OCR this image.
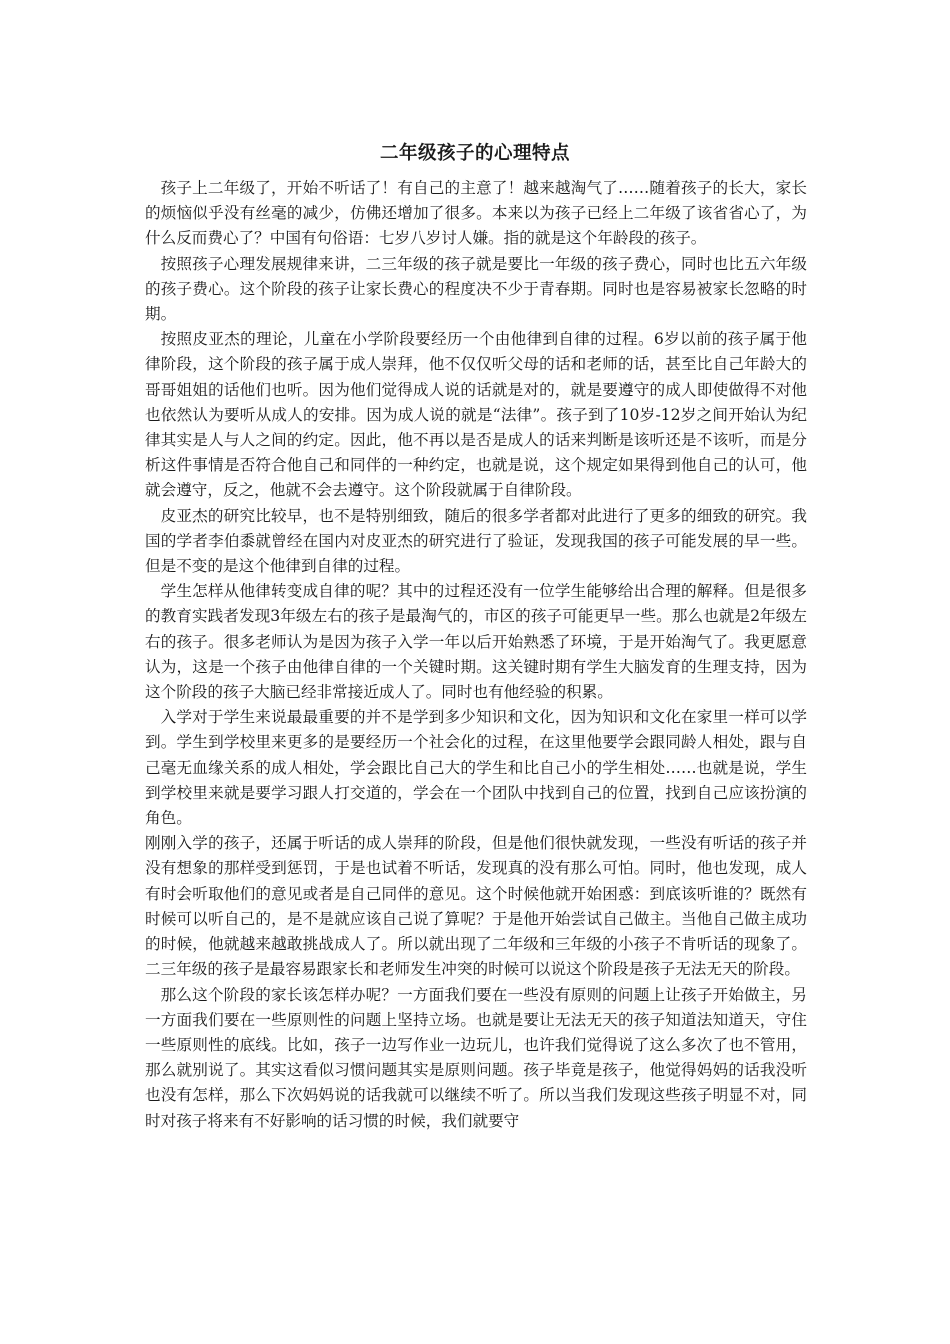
二年级孩子的心理特点

孩子上二年级了，开始不听话了！有自己的主意了！越来越淘气了……随着孩子的长大，家长的烦恼似乎没有丝毫的减少，仿佛还增加了很多。本来以为孩子已经上二年级了该省省心了，为什么反而费心了？中国有句俗语：七岁八岁讨人嫌。指的就是这个年龄段的孩子。

按照孩子心理发展规律来讲，二三年级的孩子就是要比一年级的孩子费心，同时也比五六年级的孩子费心。这个阶段的孩子让家长费心的程度决不少于青春期。同时也是容易被家长忽略的时期。

按照皮亚杰的理论，儿童在小学阶段要经历一个由他律到自律的过程。6岁以前的孩子属于他律阶段，这个阶段的孩子属于成人崇拜，他不仅仅听父母的话和老师的话，甚至比自己年龄大的哥哥姐姐的话他们也听。因为他们觉得成人说的话就是对的，就是要遵守的成人即使做得不对他也依然认为要听从成人的安排。因为成人说的就是“法律”。孩子到了10岁-12岁之间开始认为纪律其实是人与人之间的约定。因此，他不再以是否是成人的话来判断是该听还是不该听，而是分析这件事情是否符合他自己和同伴的一种约定，也就是说，这个规定如果得到他自己的认可，他就会遵守，反之，他就不会去遵守。这个阶段就属于自律阶段。

皮亚杰的研究比较早，也不是特别细致，随后的很多学者都对此进行了更多的细致的研究。我国的学者李伯黍就曾经在国内对皮亚杰的研究进行了验证，发现我国的孩子可能发展的早一些。但是不变的是这个他律到自律的过程。

学生怎样从他律转变成自律的呢？其中的过程还没有一位学生能够给出合理的解释。但是很多的教育实践者发现3年级左右的孩子是最淘气的，市区的孩子可能更早一些。那么也就是2年级左右的孩子。很多老师认为是因为孩子入学一年以后开始熟悉了环境，于是开始淘气了。我更愿意认为，这是一个孩子由他律自律的一个关键时期。这关键时期有学生大脑发育的生理支持，因为这个阶段的孩子大脑已经非常接近成人了。同时也有他经验的积累。

入学对于学生来说最最重要的并不是学到多少知识和文化，因为知识和文化在家里一样可以学到。学生到学校里来更多的是要经历一个社会化的过程，在这里他要学会跟同龄人相处，跟与自己毫无血缘关系的成人相处，学会跟比自己大的学生和比自己小的学生相处……也就是说，学生到学校里来就是要学习跟人打交道的，学会在一个团队中找到自己的位置，找到自己应该扮演的角色。

刚刚入学的孩子，还属于听话的成人崇拜的阶段，但是他们很快就发现，一些没有听话的孩子并没有想象的那样受到惩罚，于是也试着不听话，发现真的没有那么可怕。同时，他也发现，成人有时会听取他们的意见或者是自己同伴的意见。这个时候他就开始困惑：到底该听谁的？既然有时候可以听自己的，是不是就应该自己说了算呢？于是他开始尝试自己做主。当他自己做主成功的时候，他就越来越敢挑战成人了。所以就出现了二年级和三年级的小孩子不肯听话的现象了。二三年级的孩子是最容易跟家长和老师发生冲突的时候可以说这个阶段是孩子无法无天的阶段。

那么这个阶段的家长该怎样办呢？一方面我们要在一些没有原则的问题上让孩子开始做主，另一方面我们要在一些原则性的问题上坚持立场。也就是要让无法无天的孩子知道法知道天，守住一些原则性的底线。比如，孩子一边写作业一边玩儿，也许我们觉得说了这么多次了也不管用，那么就别说了。其实这看似习惯问题其实是原则问题。孩子毕竟是孩子，他觉得妈妈的话我没听也没有怎样，那么下次妈妈说的话我就可以继续不听了。所以当我们发现这些孩子明显不对，同时对孩子将来有不好影响的话习惯的时候，我们就要守
